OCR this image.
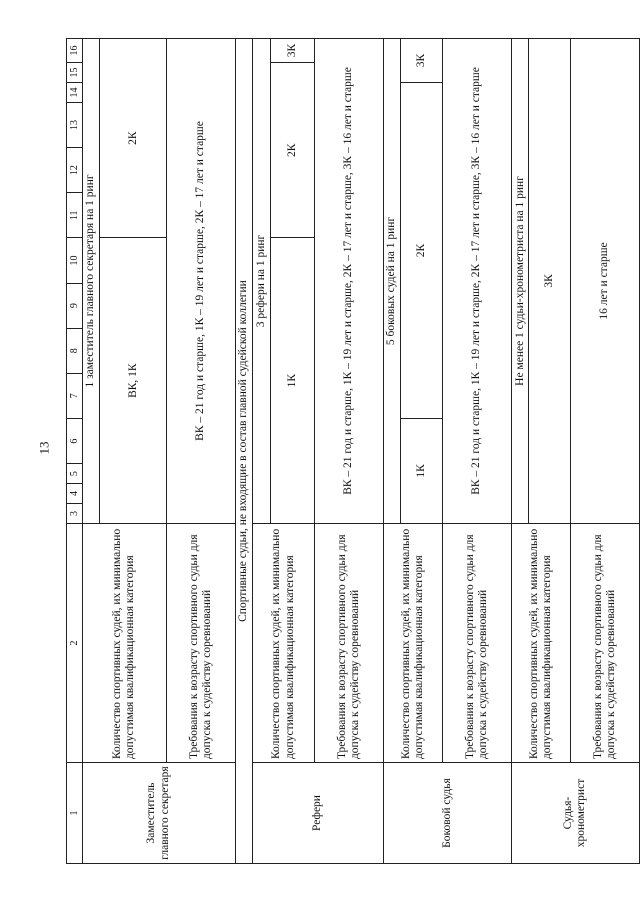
13
1	2	3	4	5	6	7	8	9	10	11	12	13	14	15	16
Заместитель главного секретаря	Количество спортивных судей, их минимально допустимая квалификационная категория	1 заместитель главного секретаря на 1 ринг													
		ВК, 1К								2К					
	Требования к возрасту спортивного судьи для допуска к судейству соревнований	ВК – 21 год и старше, 1К – 19 лет и старше, 2К – 17 лет и старше													
Спортивные судьи, не входящие в состав главной судейской коллегии															
Рефери	Количество спортивных судей, их минимально допустимая квалификационная категория	3 рефери на 1 ринг													
		1К								2К					3К
	Требования к возрасту спортивного судьи для допуска к судейству соревнований	ВК – 21 год и старше, 1К – 19 лет и старше, 2К – 17 лет и старше, 3К – 16 лет и старше													
Боковой судья	Количество спортивных судей, их минимально допустимая квалификационная категория	5 боковых судей на 1 ринг													
		1К				2К								3К	
	Требования к возрасту спортивного судьи для допуска к судейству соревнований	ВК – 21 год и старше, 1К – 19 лет и старше, 2К – 17 лет и старше, 3К – 16 лет и старше													
Судья-хронометрист	Количество спортивных судей, их минимально допустимая квалификационная категория	Не менее 1 судьи-хронометриста на 1 ринг													
		3К													
	Требования к возрасту спортивного судьи для допуска к судейству соревнований	16 лет и старше													
